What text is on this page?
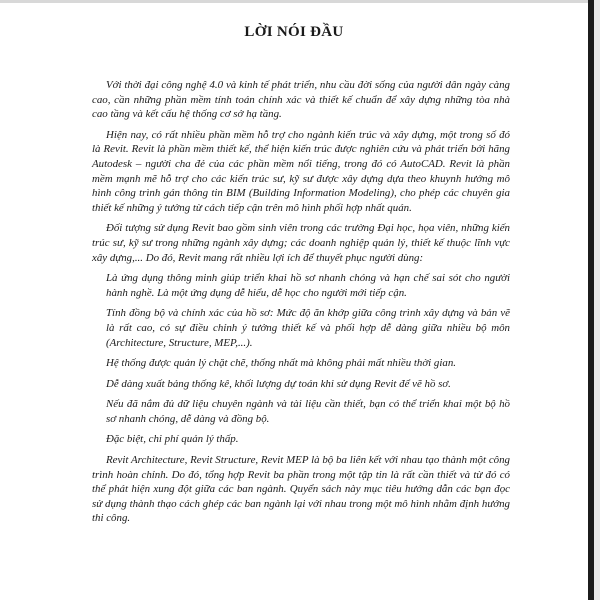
LỜI NÓI ĐẦU

Với thời đại công nghệ 4.0 và kinh tế phát triển, nhu cầu đời sống của người dân ngày càng cao, cần những phần mềm tính toán chính xác và thiết kế chuẩn để xây dựng những tòa nhà cao tầng và kết cấu hệ thống cơ sở hạ tầng.

Hiện nay, có rất nhiều phần mềm hỗ trợ cho ngành kiến trúc và xây dựng, một trong số đó là Revit. Revit là phần mềm thiết kế, thể hiện kiến trúc được nghiên cứu và phát triển bởi hãng Autodesk – người cha đẻ của các phần mềm nổi tiếng, trong đó có AutoCAD. Revit là phần mềm mạnh mẽ hỗ trợ cho các kiến trúc sư, kỹ sư được xây dựng dựa theo khuynh hướng mô hình công trình gán thông tin BIM (Building Information Modeling), cho phép các chuyên gia thiết kế những ý tưởng từ cách tiếp cận trên mô hình phối hợp nhất quán.

Đối tượng sử dụng Revit bao gồm sinh viên trong các trường Đại học, họa viên, những kiến trúc sư, kỹ sư trong những ngành xây dựng; các doanh nghiệp quản lý, thiết kế thuộc lĩnh vực xây dựng,... Do đó, Revit mang rất nhiều lợi ích để thuyết phục người dùng:

Là ứng dụng thông minh giúp triển khai hồ sơ nhanh chóng và hạn chế sai sót cho người hành nghề. Là một ứng dụng dễ hiểu, dễ học cho người mới tiếp cận.

Tính đồng bộ và chính xác của hồ sơ: Mức độ ăn khớp giữa công trình xây dựng và bản vẽ là rất cao, có sự điều chỉnh ý tưởng thiết kế và phối hợp dễ dàng giữa nhiều bộ môn (Architecture, Structure, MEP,...).

Hệ thống được quản lý chặt chẽ, thống nhất mà không phải mất nhiều thời gian.

Dễ dàng xuất bảng thống kê, khối lượng dự toán khi sử dụng Revit để vẽ hồ sơ.

Nếu đã nắm đủ dữ liệu chuyên ngành và tài liệu cần thiết, bạn có thể triển khai một bộ hồ sơ nhanh chóng, dễ dàng và đồng bộ.

Đặc biệt, chi phí quản lý thấp.

Revit Architecture, Revit Structure, Revit MEP là bộ ba liên kết với nhau tạo thành một công trình hoàn chỉnh. Do đó, tổng hợp Revit ba phần trong một tập tin là rất cần thiết và từ đó có thể phát hiện xung đột giữa các ban ngành. Quyển sách này mục tiêu hướng dẫn các bạn đọc sử dụng thành thạo cách ghép các ban ngành lại với nhau trong một mô hình nhằm định hướng thi công.
